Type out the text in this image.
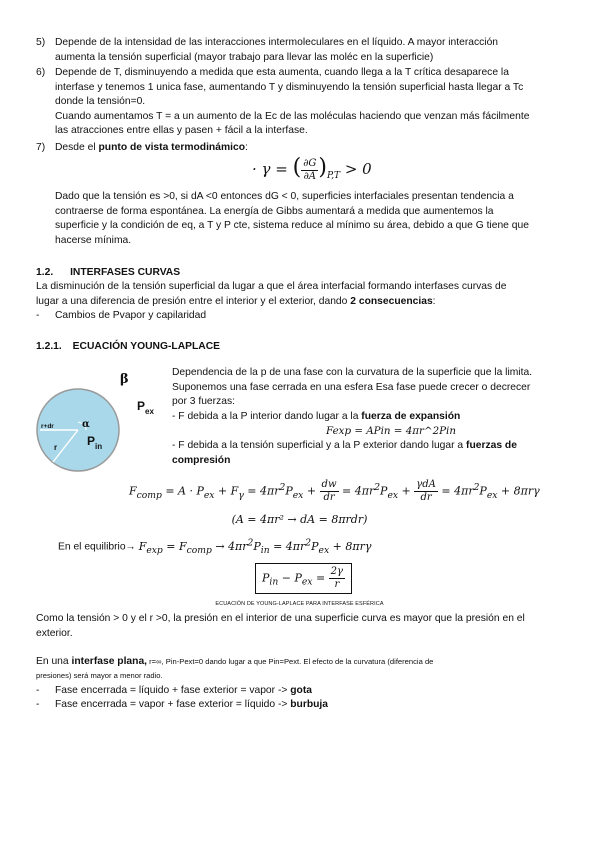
5) Depende de la intensidad de las interacciones intermoleculares en el líquido. A mayor interacción
aumenta la tensión superficial (mayor trabajo para llevar las moléc en la superficie)
6) Depende de T, disminuyendo a medida que esta aumenta, cuando llega a la T crítica desaparece la
interfase y tenemos 1 unica fase, aumentando T y disminuyendo la tensión superficial hasta llegar a Tc
donde la tensión=0.
Cuando aumentamos T = a un aumento de la Ec de las moléculas haciendo que venzan más fácilmente
las atracciones entre ellas y pasen + fácil a la interfase.
7) Desde el punto de vista termodinámico:
· γ = ( $\frac{\partial G}{\partial A} )_{P,T} > 0$
Dado que la tensión es >0, si dA <0 entonces dG < 0, superficies interfaciales presentan tendencia a
contraerse de forma espontánea. La energía de Gibbs aumentará a medida que aumentemos la
superficie y la condición de eq, a T y P cte, sistema reduce al mínimo su área, debido a que G tiene que
hacerse mínima.
1.2. INTERFASES CURVAS
La disminución de la tensión superficial da lugar a que el área interfacial formando interfases curvas de
lugar a una diferencia de presión entre el interior y el exterior, dando 2 consecuencias:
- Cambios de Pvapor y capilaridad
1.2.1. ECUACIÓN YOUNG-LAPLACE
β
P ex
α
r+dr
r P in
Dependencia de la p de una fase con la curvatura de la superficie que la limita.
Suponemos una fase cerrada en una esfera Esa fase puede crecer o decrecer
por 3 fuerzas:
- F debida a la P interior dando lugar a la fuerza de expansión
Fexp = APin = 4πr^2Pin
- F debida a la tensión superficial y a la P exterior dando lugar a fuerzas de
compresión
$F_{comp} = A \cdot P_{ex} + F_\gamma = 4\pi r^2P_{ex} + \frac{dw}{dr} = 4\pi r^2P_{ex} + \frac{\text{γdA}}{dr} = 4\pi r^2P_{ex} + 8\pi r\gamma$
(A = 4πr² → dA = 8πrdr)
En el equilibrio→ $F_{exp} = F_{comp} \to 4\pi r^2P_{in} = 4\pi r^2P_{ex} + 8\pi r\gamma$
$P_{in} - P_{ex} = \frac{2\gamma}{r}$
ECUACIÓN DE YOUNG-LAPLACE PARA INTERFASE ESFÉRICA
Como la tensión > 0 y el r >0, la presión en el interior de una superficie curva es mayor que la presión en el
exterior.
En una interfase plana, r=∞, Pin-Pext=0 dando lugar a que Pin=Pext. El efecto de la curvatura (diferencia de
presiones) será mayor a menor radio.
- Fase encerrada = líquido + fase exterior = vapor -> gota
- Fase encerrada = vapor + fase exterior = líquido -> burbuja
